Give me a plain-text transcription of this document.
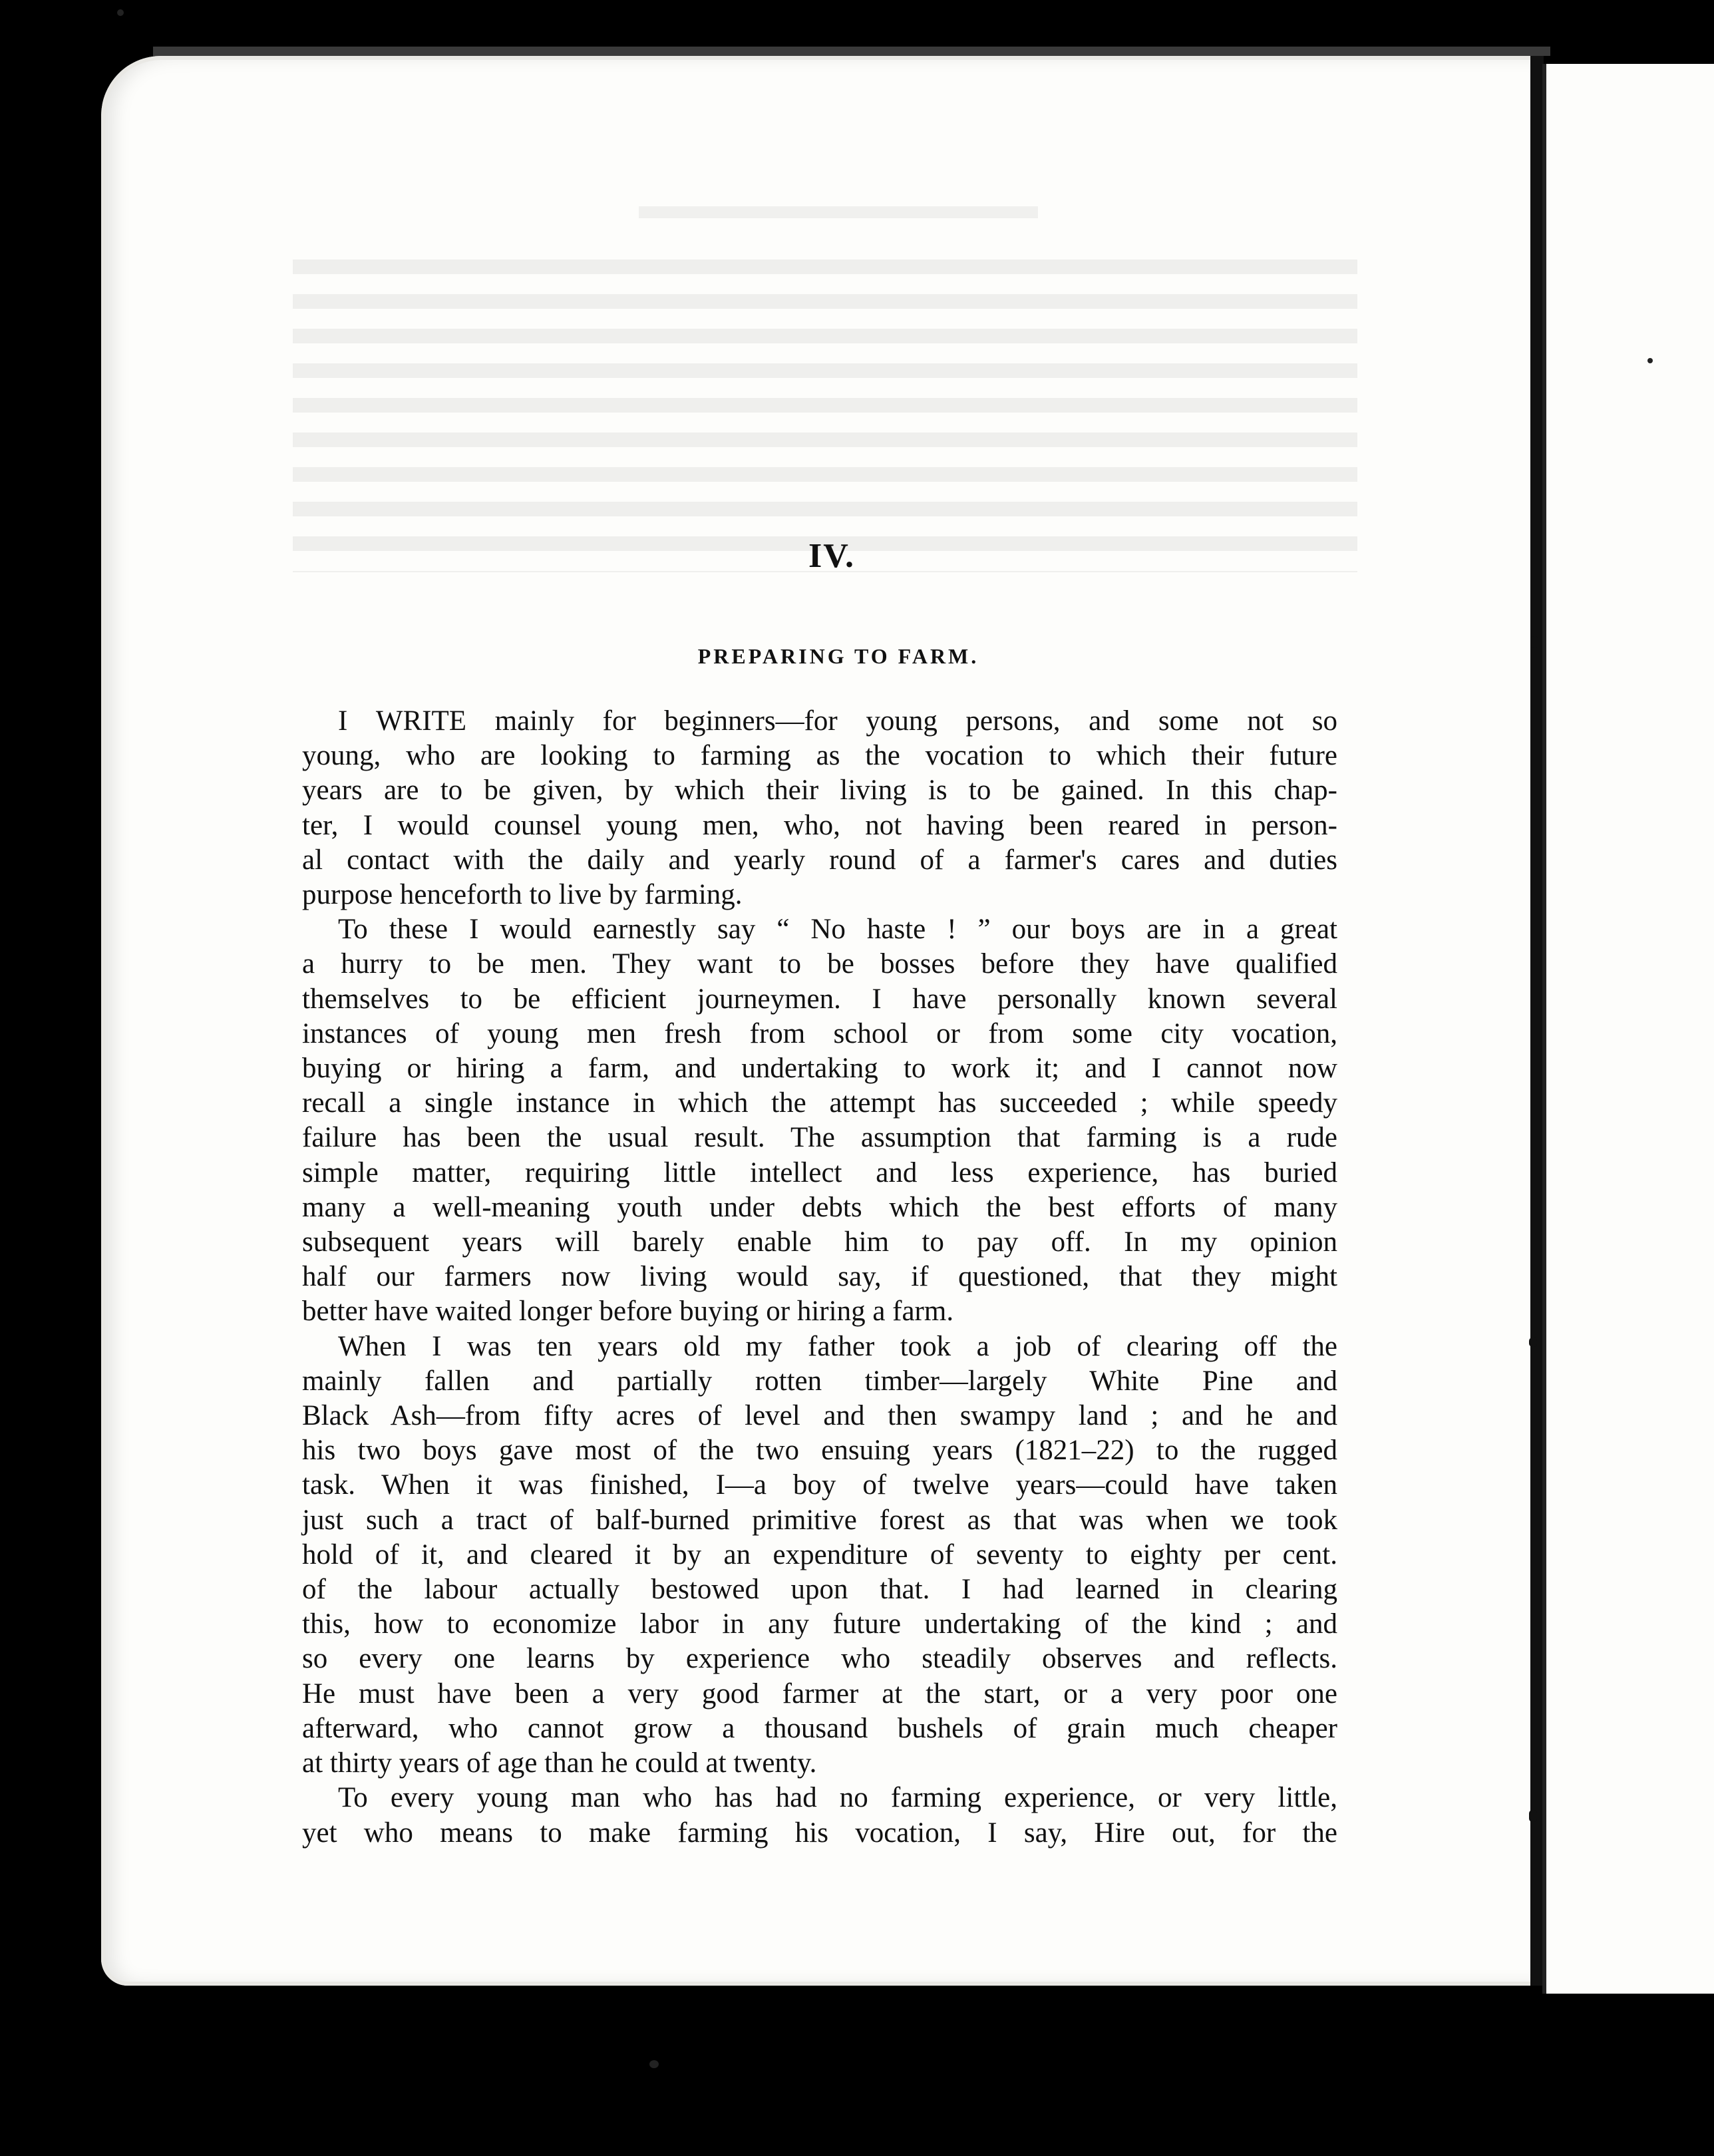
IV.
PREPARING TO FARM.
I WRITE mainly for beginners—for young persons, and some not so
young, who are looking to farming as the vocation to which their future
years are to be given, by which their living is to be gained. In this chap-
ter, I would counsel young men, who, not having been reared in person-
al contact with the daily and yearly round of a farmer's cares and duties
purpose henceforth to live by farming.
To these I would earnestly say “ No haste ! ” our boys are in a great
a hurry to be men. They want to be bosses before they have qualified
themselves to be efficient journeymen. I have personally known several
instances of young men fresh from school or from some city vocation,
buying or hiring a farm, and undertaking to work it; and I cannot now
recall a single instance in which the attempt has succeeded ; while speedy
failure has been the usual result. The assumption that farming is a rude
simple matter, requiring little intellect and less experience, has buried
many a well-meaning youth under debts which the best efforts of many
subsequent years will barely enable him to pay off. In my opinion
half our farmers now living would say, if questioned, that they might
better have waited longer before buying or hiring a farm.
When I was ten years old my father took a job of clearing off the
mainly fallen and partially rotten timber—largely White Pine and
Black Ash—from fifty acres of level and then swampy land ; and he and
his two boys gave most of the two ensuing years (1821–22) to the rugged
task. When it was finished, I—a boy of twelve years—could have taken
just such a tract of balf-burned primitive forest as that was when we took
hold of it, and cleared it by an expenditure of seventy to eighty per cent.
of the labour actually bestowed upon that. I had learned in clearing
this, how to economize labor in any future undertaking of the kind ; and
so every one learns by experience who steadily observes and reflects.
He must have been a very good farmer at the start, or a very poor one
afterward, who cannot grow a thousand bushels of grain much cheaper
at thirty years of age than he could at twenty.
To every young man who has had no farming experience, or very little,
yet who means to make farming his vocation, I say, Hire out, for the
